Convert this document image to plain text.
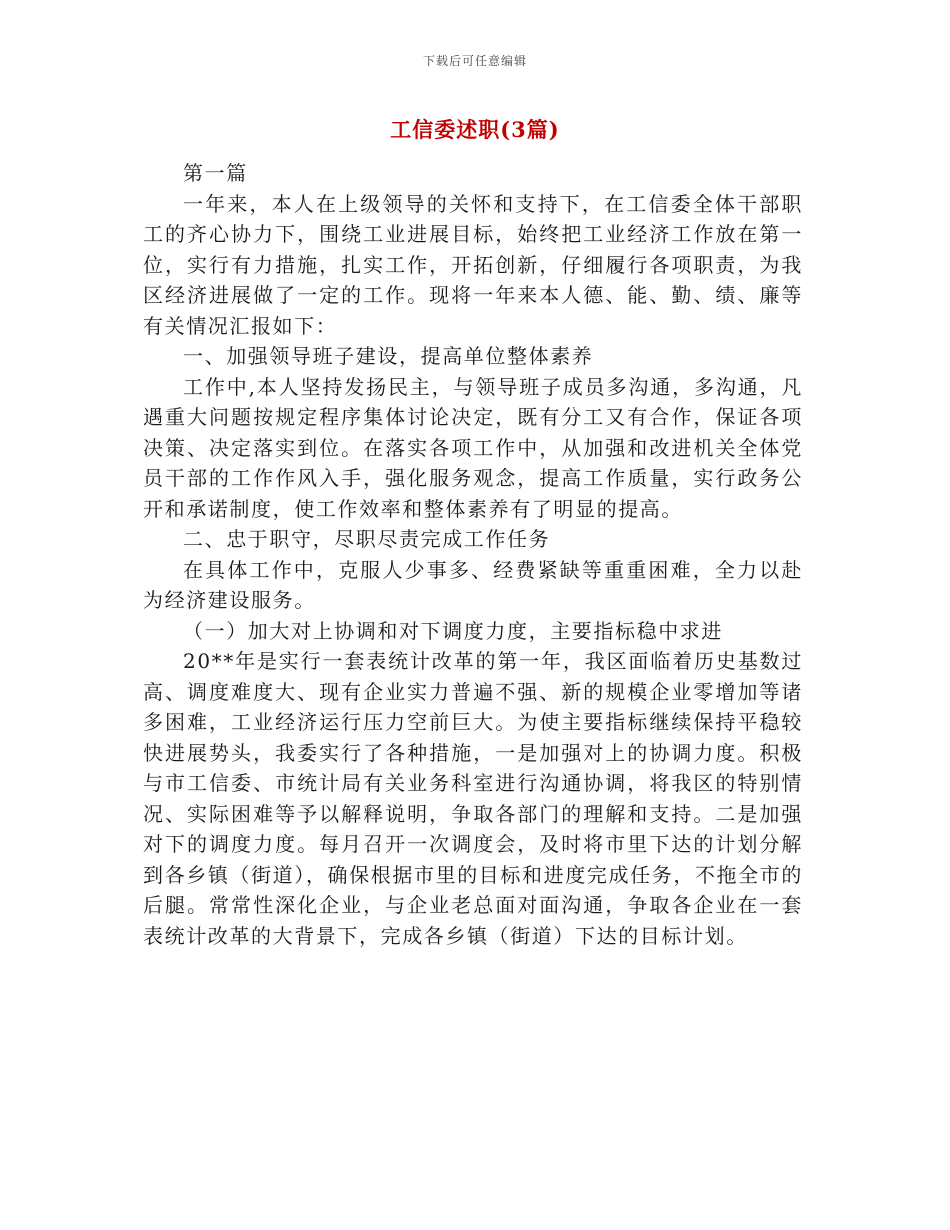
下载后可任意编辑
工信委述职(3篇)

第一篇

一年来，本人在上级领导的关怀和支持下，在工信委全体干部职工的齐心协力下，围绕工业进展目标，始终把工业经济工作放在第一位，实行有力措施，扎实工作，开拓创新，仔细履行各项职责，为我区经济进展做了一定的工作。现将一年来本人德、能、勤、绩、廉等有关情况汇报如下：

一、加强领导班子建设，提高单位整体素养

工作中,本人坚持发扬民主，与领导班子成员多沟通，多沟通，凡遇重大问题按规定程序集体讨论决定，既有分工又有合作，保证各项决策、决定落实到位。在落实各项工作中，从加强和改进机关全体党员干部的工作作风入手，强化服务观念，提高工作质量，实行政务公开和承诺制度，使工作效率和整体素养有了明显的提高。

二、忠于职守，尽职尽责完成工作任务

在具体工作中，克服人少事多、经费紧缺等重重困难，全力以赴为经济建设服务。

（一）加大对上协调和对下调度力度，主要指标稳中求进

20**年是实行一套表统计改革的第一年，我区面临着历史基数过高、调度难度大、现有企业实力普遍不强、新的规模企业零增加等诸多困难，工业经济运行压力空前巨大。为使主要指标继续保持平稳较快进展势头，我委实行了各种措施，一是加强对上的协调力度。积极与市工信委、市统计局有关业务科室进行沟通协调，将我区的特别情况、实际困难等予以解释说明，争取各部门的理解和支持。二是加强对下的调度力度。每月召开一次调度会，及时将市里下达的计划分解到各乡镇（街道），确保根据市里的目标和进度完成任务，不拖全市的后腿。常常性深化企业，与企业老总面对面沟通，争取各企业在一套表统计改革的大背景下，完成各乡镇（街道）下达的目标计划。
